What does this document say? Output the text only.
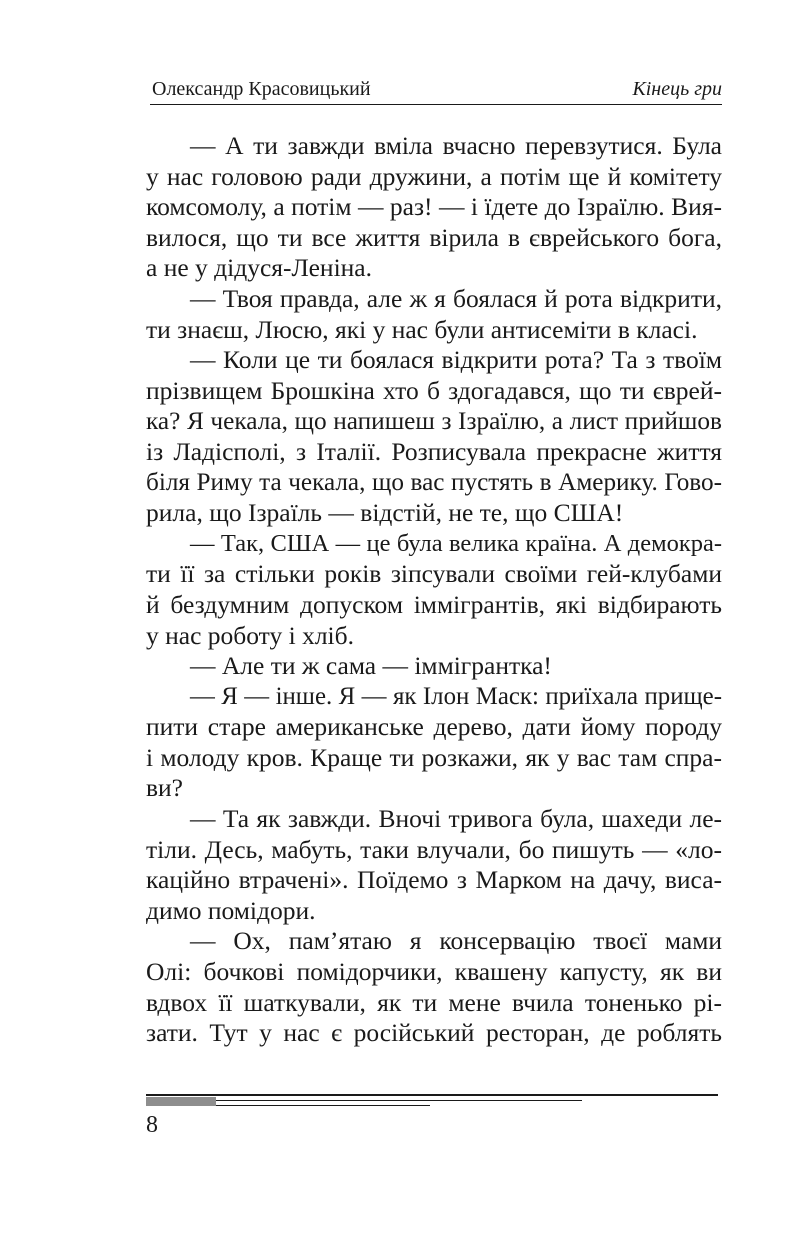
Олександр Красовицький	Кінець гри
— А ти завжди вміла вчасно перевзутися. Була
у нас головою ради дружини, а потім ще й комітету
комсомолу, а потім — раз! — і їдете до Ізраїлю. Вия-
вилося, що ти все життя вірила в єврейського бога,
а не у дідуся-Леніна.
— Твоя правда, але ж я боялася й рота відкрити,
ти знаєш, Люсю, які у нас були антисеміти в класі.
— Коли це ти боялася відкрити рота? Та з твоїм
прізвищем Брошкіна хто б здогадався, що ти єврей-
ка? Я чекала, що напишеш з Ізраїлю, а лист прийшов
із Ладісполі, з Італії. Розписувала прекрасне життя
біля Риму та чекала, що вас пустять в Америку. Гово-
рила, що Ізраїль — відстій, не те, що США!
— Так, США — це була велика країна. А демокра-
ти її за стільки років зіпсували своїми гей-клубами
й бездумним допуском іммігрантів, які відбирають
у нас роботу і хліб.
— Але ти ж сама — іммігрантка!
— Я — інше. Я — як Ілон Маск: приїхала прище-
пити старе американське дерево, дати йому породу
і молоду кров. Краще ти розкажи, як у вас там спра-
ви?
— Та як завжди. Вночі тривога була, шахеди ле-
тіли. Десь, мабуть, таки влучали, бо пишуть — «ло-
каційно втрачені». Поїдемо з Марком на дачу, виса-
димо помідори.
— Ох, пам’ятаю я консервацію твоєї мами
Олі: бочкові помідорчики, квашену капусту, як ви
вдвох її шаткували, як ти мене вчила тоненько рі-
зати. Тут у нас є російський ресторан, де роблять
8
